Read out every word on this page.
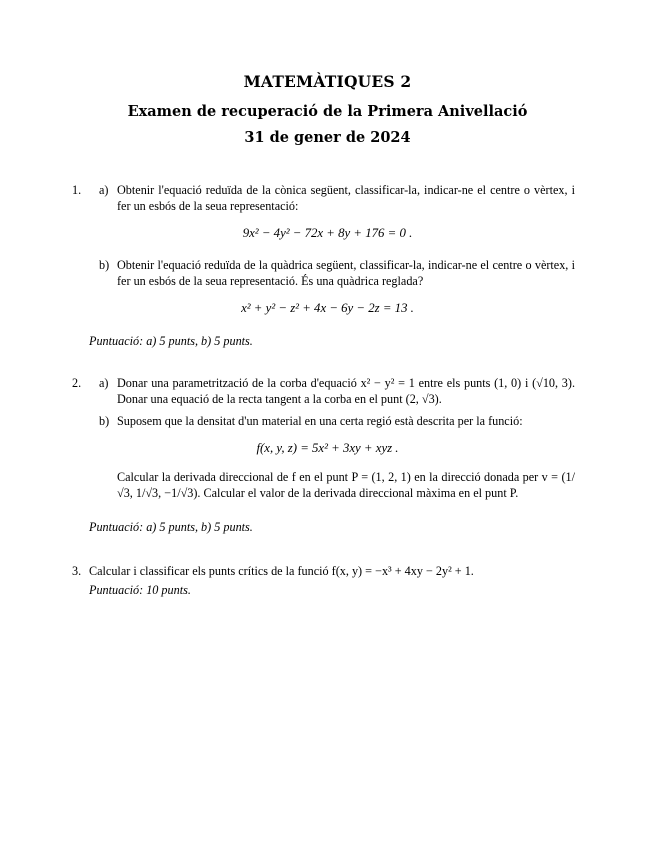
MATEMÀTIQUES 2
Examen de recuperació de la Primera Anivellació
31 de gener de 2024
1. a) Obtenir l'equació reduïda de la cònica següent, classificar-la, indicar-ne el centre o vèrtex, i fer un esbós de la seua representació:
9x² − 4y² − 72x + 8y + 176 = 0 .
b) Obtenir l'equació reduïda de la quàdrica següent, classificar-la, indicar-ne el centre o vèrtex, i fer un esbós de la seua representació. És una quàdrica reglada?
x² + y² − z² + 4x − 6y − 2z = 13 .
Puntuació: a) 5 punts, b) 5 punts.
2. a) Donar una parametrització de la corba d'equació x² − y² = 1 entre els punts (1, 0) i (√10, 3). Donar una equació de la recta tangent a la corba en el punt (2, √3).
b) Suposem que la densitat d'un material en una certa regió està descrita per la funció:
f(x, y, z) = 5x² + 3xy + xyz .
Calcular la derivada direccional de f en el punt P = (1, 2, 1) en la direcció donada per v = (1/√3, 1/√3, −1/√3). Calcular el valor de la derivada direccional màxima en el punt P.
Puntuació: a) 5 punts, b) 5 punts.
3. Calcular i classificar els punts crítics de la funció f(x, y) = −x³ + 4xy − 2y² + 1.
Puntuació: 10 punts.
